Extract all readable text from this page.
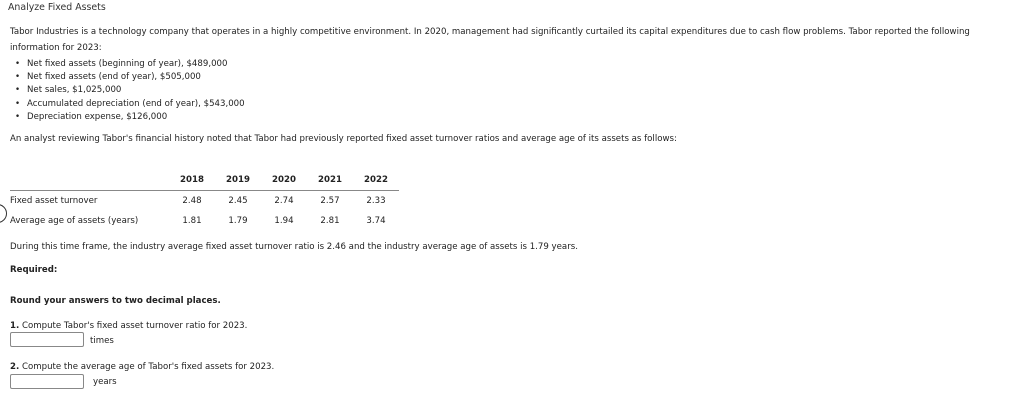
Analyze Fixed Assets
Tabor Industries is a technology company that operates in a highly competitive environment. In 2020, management had significantly curtailed its capital expenditures due to cash flow problems. Tabor reported the following information for 2023:
• Net fixed assets (beginning of year), $489,000
• Net fixed assets (end of year), $505,000
• Net sales, $1,025,000
• Accumulated depreciation (end of year), $543,000
• Depreciation expense, $126,000
An analyst reviewing Tabor's financial history noted that Tabor had previously reported fixed asset turnover ratios and average age of its assets as follows:
	2018	2019	2020	2021	2022
Fixed asset turnover	2.48	2.45	2.74	2.57	2.33
Average age of assets (years)	1.81	1.79	1.94	2.81	3.74
During this time frame, the industry average fixed asset turnover ratio is 2.46 and the industry average age of assets is 1.79 years.
Required:
Round your answers to two decimal places.
1. Compute Tabor's fixed asset turnover ratio for 2023.
times
2. Compute the average age of Tabor's fixed assets for 2023.
years
